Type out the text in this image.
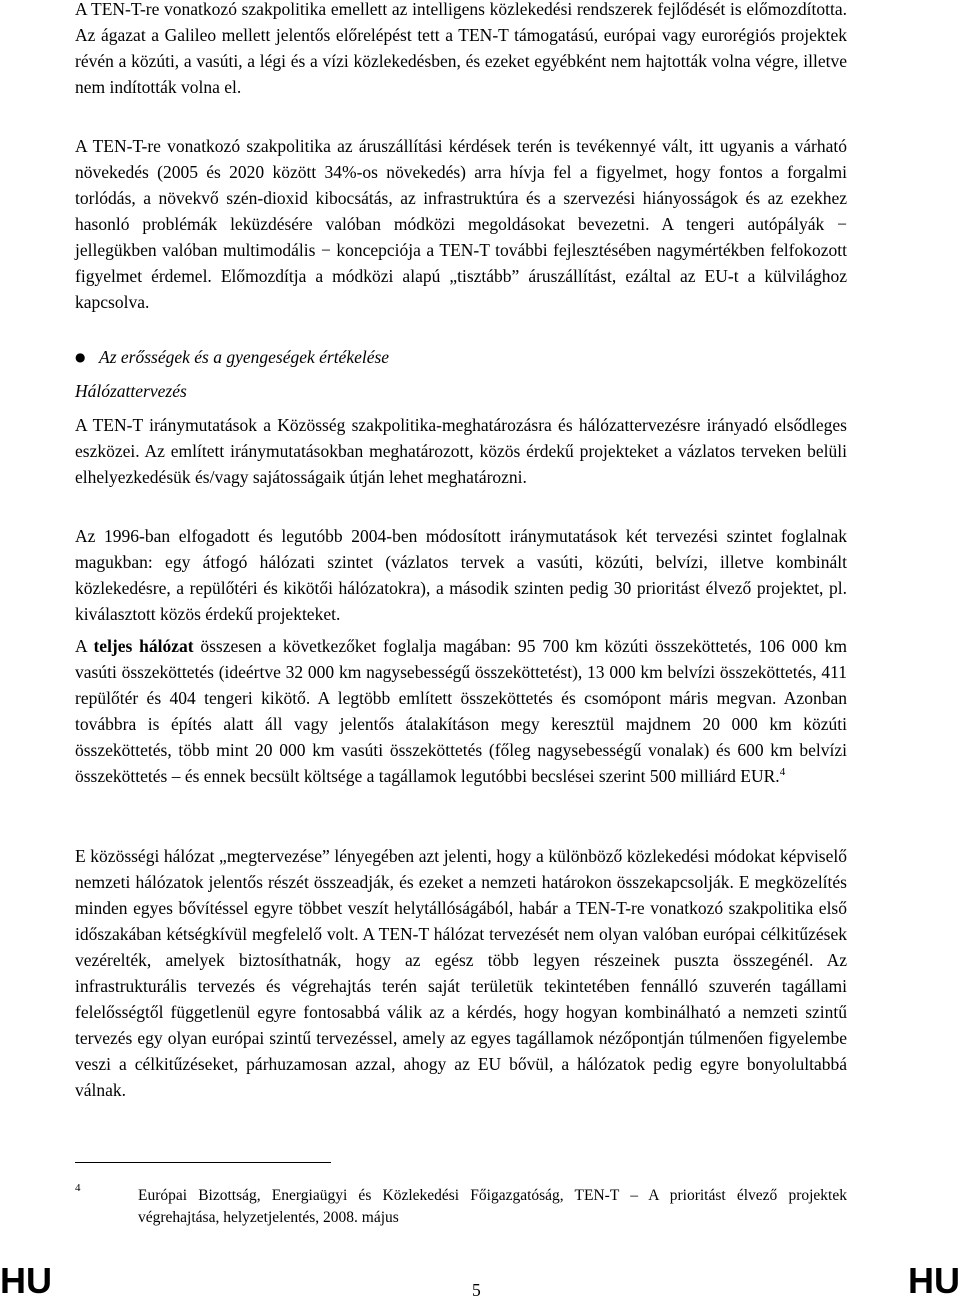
A TEN-T-re vonatkozó szakpolitika emellett az intelligens közlekedési rendszerek fejlődését is előmozdította. Az ágazat a Galileo mellett jelentős előrelépést tett a TEN-T támogatású, európai vagy eurorégiós projektek révén a közúti, a vasúti, a légi és a vízi közlekedésben, és ezeket egyébként nem hajtották volna végre, illetve nem indították volna el.

A TEN-T-re vonatkozó szakpolitika az áruszállítási kérdések terén is tevékennyé vált, itt ugyanis a várható növekedés (2005 és 2020 között 34%-os növekedés) arra hívja fel a figyelmet, hogy fontos a forgalmi torlódás, a növekvő szén-dioxid kibocsátás, az infrastruktúra és a szervezési hiányosságok és az ezekhez hasonló problémák leküzdésére valóban módközi megoldásokat bevezetni. A tengeri autópályák − jellegükben valóban multimodális − koncepciója a TEN-T további fejlesztésében nagymértékben felfokozott figyelmet érdemel. Előmozdítja a módközi alapú „tisztább” áruszállítást, ezáltal az EU-t a külvilághoz kapcsolva.

● Az erősségek és a gyengeségek értékelése
Hálózattervezés

A TEN-T iránymutatások a Közösség szakpolitika-meghatározásra és hálózattervezésre irányadó elsődleges eszközei. Az említett iránymutatásokban meghatározott, közös érdekű projekteket a vázlatos terveken belüli elhelyezkedésük és/vagy sajátosságaik útján lehet meghatározni.

Az 1996-ban elfogadott és legutóbb 2004-ben módosított iránymutatások két tervezési szintet foglalnak magukban: egy átfogó hálózati szintet (vázlatos tervek a vasúti, közúti, belvízi, illetve kombinált közlekedésre, a repülőtéri és kikötői hálózatokra), a második szinten pedig 30 prioritást élvező projektet, pl. kiválasztott közös érdekű projekteket.

A teljes hálózat összesen a következőket foglalja magában: 95 700 km közúti összeköttetés, 106 000 km vasúti összeköttetés (ideértve 32 000 km nagysebességű összeköttetést), 13 000 km belvízi összeköttetés, 411 repülőtér és 404 tengeri kikötő. A legtöbb említett összeköttetés és csomópont máris megvan. Azonban továbbra is építés alatt áll vagy jelentős átalakításon megy keresztül majdnem 20 000 km közúti összeköttetés, több mint 20 000 km vasúti összeköttetés (főleg nagysebességű vonalak) és 600 km belvízi összeköttetés – és ennek becsült költsége a tagállamok legutóbbi becslései szerint 500 milliárd EUR.$^4$

E közösségi hálózat „megtervezése” lényegében azt jelenti, hogy a különböző közlekedési módokat képviselő nemzeti hálózatok jelentős részét összeadják, és ezeket a nemzeti határokon összekapcsolják. E megközelítés minden egyes bővítéssel egyre többet veszít helytállóságából, habár a TEN-T-re vonatkozó szakpolitika első időszakában kétségkívül megfelelő volt. A TEN-T hálózat tervezését nem olyan valóban európai célkitűzések vezérelték, amelyek biztosíthatnák, hogy az egész több legyen részeinek puszta összegénél. Az infrastrukturális tervezés és végrehajtás terén saját területük tekintetében fennálló szuverén tagállami felelősségtől függetlenül egyre fontosabbá válik az a kérdés, hogy hogyan kombinálható a nemzeti szintű tervezés egy olyan európai szintű tervezéssel, amely az egyes tagállamok nézőpontján túlmenően figyelembe veszi a célkitűzéseket, párhuzamosan azzal, ahogy az EU bővül, a hálózatok pedig egyre bonyolultabbá válnak.

4	Európai Bizottság, Energiaügyi és Közlekedési Főigazgatóság, TEN-T – A prioritást élvező projektek végrehajtása, helyzetjelentés, 2008. május
HU	5	HU
